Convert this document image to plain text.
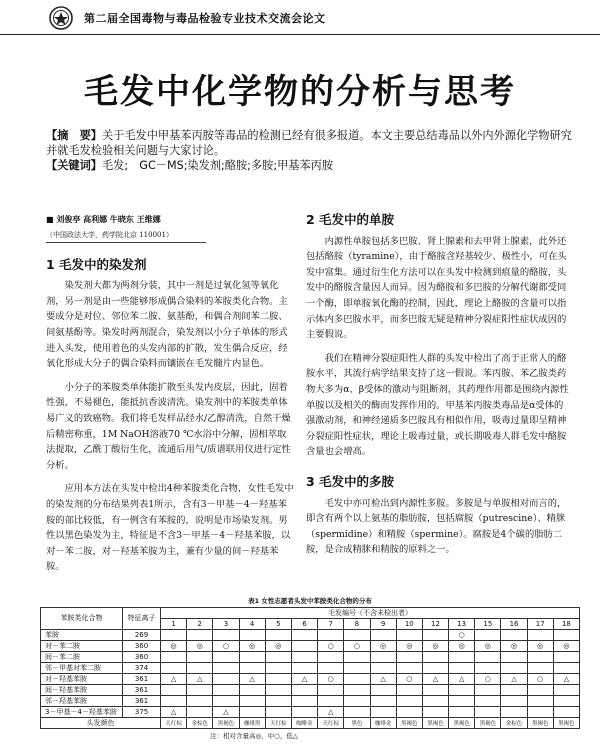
第二届全国毒物与毒品检验专业技术交流会论文
毛发中化学物的分析与思考
【摘　要】关于毛发中甲基苯丙胺等毒品的检测已经有很多报道。本文主要总结毒品以外内外源化学物研究并就毛发检验相关问题与大家讨论。
【关键词】毛发;　GC－MS;染发剂;酪胺;多胺;甲基苯丙胺
■ 刘俊亭 高利娜 牛晓东 王维娜
（中国政法大学，药学院北京 110001）
1 毛发中的染发剂

染发剂大都为两剂分装，其中一剂是过氧化氢等氧化剂，另一剂是由一些能够形成偶合染料的苯胺类化合物。主要成分是对位、邻位苯二胺、氨基酚，和偶合剂间苯二胺、间氨基酚等。染发时两剂混合，染发剂以小分子单体的形式进入头发，使用着色的头发内部的扩散，发生偶合反应，经氧化形成大分子的偶合染料而镶嵌在毛发髓片内显色。

小分子的苯胺类单体能扩散至头发内皮层，因此，固着性强，不易褪色，能抵抗香波清洗。染发剂中的苯胺类单体易广义的致癌物。我们将毛发样品经水/乙醇清洗，自然干燥后精密称重，1M NaOH溶液70 ℃水浴中分解，固相萃取法提取，乙酰丁酸衍生化，流通后用气/质谱联用仪进行定性分析。

应用本方法在头发中检出4种苯胺类化合物，女性毛发中的染发剂的分布结果列表1所示，含有3－甲基－4－羟基苯胺的部比较低，有一例含有苯胺的，说明是市场染发剂。男性以黑色染发为主，特征是不含3－甲基－4－羟基苯胺，以对－苯二胺，对－羟基苯胺为主，兼有少量的间－羟基苯胺。

2 毛发中的单胺

内源性单胺包括多巴胺、肾上腺素和去甲肾上腺素，此外还包括酪胺（tyramine），由于酪胺含羟基较少、极性小，可在头发中富集。通过衍生化方法可以在头发中检测到痕量的酪胺，头发中的酪胺含量因人而异。因为酪胺和多巴胺的分解代谢都受同一个酶，即单胺氧化酶的控制，因此，理论上酪胺的含量可以指示体内多巴胺水平，而多巴胺无疑是精神分裂症阳性症状成因的主要假说。

我们在精神分裂症阳性人群的头发中检出了高于正常人的酪胺水平，其流行病学结果支持了这一假说。苯丙胺、苯乙胺类药物大多为α、β受体的激动与阻断剂，其药理作用都是围绕内源性单胺以及相关的酶而发挥作用的。甲基苯丙胺类毒品是α受体的强激动剂，和神经递质多巴胺具有相似作用，吸毒过量即呈精神分裂症阳性症状，理论上吸毒过量，或长期吸毒人群毛发中酪胺含量也会增高。

3 毛发中的多胺

毛发中亦可检出到内源性多胺。多胺是与单胺相对而言的，即含有两个以上氨基的脂肪胺，包括腐胺（putrescine）、精脒（spermidine）和精胺（spermine）。腐胺是4个碳的脂肪二胺，是合成精脒和精胺的原料之一。

表1 女性志愿者头发中苯胺类化合物的分布
苯胺类化合物	特征离子	毛发编号（不含未检出者）															
		1	2	3	4	5	6	7	8	9	10	12	13	15	16	17	18
苯胺	269												○				
对－苯二胺	360	◎	◎	○	◎	◎		○	○	◎	◎	◎	◎	◎	◎	◎	◎
间－苯二胺	360																
邻－甲基对苯二胺	374																
对－羟基苯胺	361	△	△		△		△	○		△	○	△	△	○	△	○	△
间－羟基苯胺	361																
邻－羟基苯胺	361																
3－甲基－4－羟基苯胺	375	△		△				△									
头发颜色		天红棕	金棕色	黑褐色	咖啡黑	天红棕	咖啡金	天红棕	黑色	咖啡金	黑褐色	黑褐色	黑褐色	黑褐色	金棕色	黑褐色	黑褐色
注：相对含量高◎，中○，低△
